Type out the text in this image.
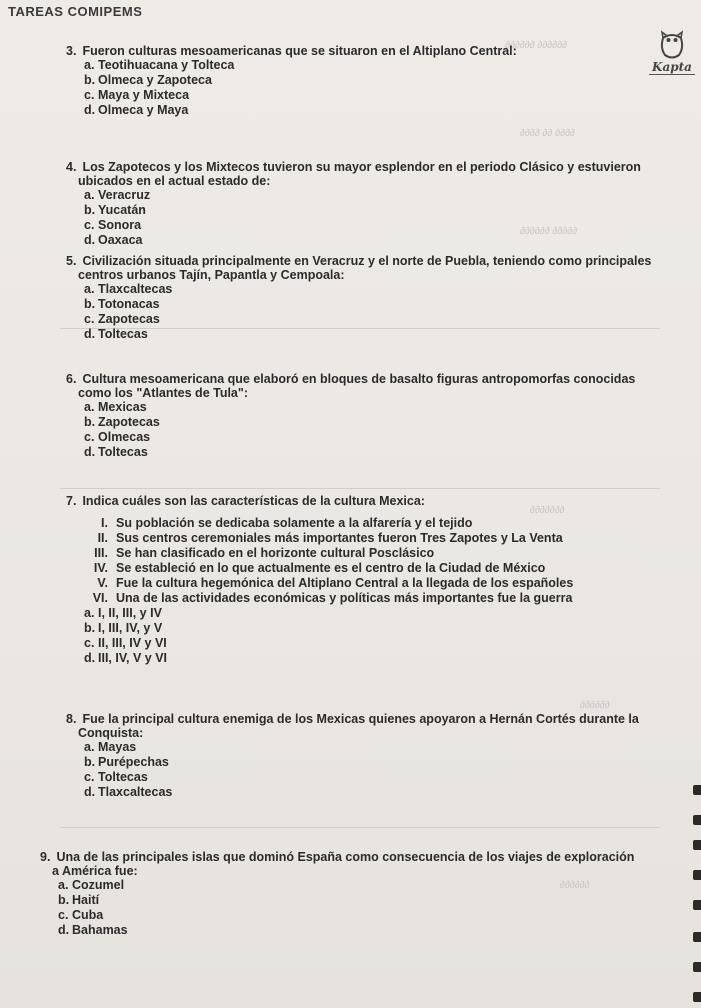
TAREAS COMIPEMS
Kapta
∂∂∂∂∂∂ ∂∂∂∂∂∂
∂∂∂∂ ∂∂ ∂∂∂∂
∂∂∂∂∂∂ ∂∂∂∂∂
∂∂∂∂∂∂∂
∂∂∂∂∂∂
∂∂∂∂∂∂
3. Fueron culturas mesoamericanas que se situaron en el Altiplano Central:
a. Teotihuacana y Tolteca
b. Olmeca y Zapoteca
c. Maya y Mixteca
d. Olmeca y Maya
4. Los Zapotecos y los Mixtecos tuvieron su mayor esplendor en el periodo Clásico y estuvieron
ubicados en el actual estado de:
a. Veracruz
b. Yucatán
c. Sonora
d. Oaxaca
5. Civilización situada principalmente en Veracruz y el norte de Puebla, teniendo como principales
centros urbanos Tajín, Papantla y Cempoala:
a. Tlaxcaltecas
b. Totonacas
c. Zapotecas
d. Toltecas
6. Cultura mesoamericana que elaboró en bloques de basalto figuras antropomorfas conocidas
como los "Atlantes de Tula":
a. Mexicas
b. Zapotecas
c. Olmecas
d. Toltecas
7. Indica cuáles son las características de la cultura Mexica:
I. Su población se dedicaba solamente a la alfarería y el tejido
II. Sus centros ceremoniales más importantes fueron Tres Zapotes y La Venta
III. Se han clasificado en el horizonte cultural Posclásico
IV. Se estableció en lo que actualmente es el centro de la Ciudad de México
V. Fue la cultura hegemónica del Altiplano Central a la llegada de los españoles
VI. Una de las actividades económicas y políticas más importantes fue la guerra
a. I, II, III, y IV
b. I, III, IV, y V
c. II, III, IV y VI
d. III, IV, V y VI
8. Fue la principal cultura enemiga de los Mexicas quienes apoyaron a Hernán Cortés durante la
Conquista:
a. Mayas
b. Purépechas
c. Toltecas
d. Tlaxcaltecas
9. Una de las principales islas que dominó España como consecuencia de los viajes de exploración
a América fue:
a. Cozumel
b. Haití
c. Cuba
d. Bahamas
